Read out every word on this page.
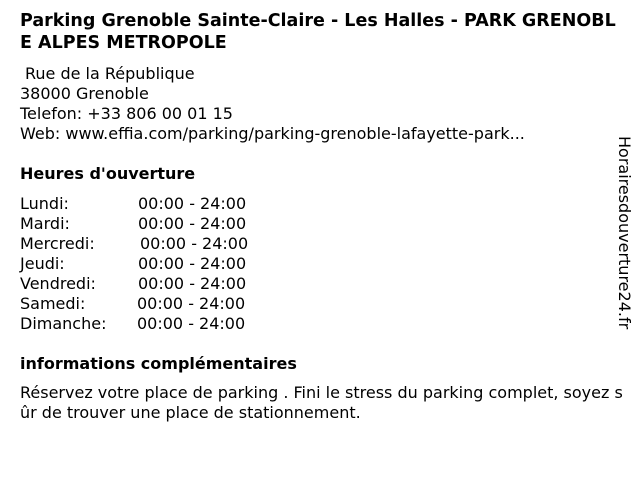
Parking Grenoble Sainte-Claire - Les Halles - PARK GRENOBLE ALPES METROPOLE
Rue de la République
38000 Grenoble
Telefon: +33 806 00 01 15
Web: www.effia.com/parking/parking-grenoble-lafayette-park...
Heures d'ouverture
Lundi:	00:00 - 24:00
Mardi:	00:00 - 24:00
Mercredi:	00:00 - 24:00
Jeudi:	00:00 - 24:00
Vendredi:	00:00 - 24:00
Samedi:	00:00 - 24:00
Dimanche:	00:00 - 24:00
informations complémentaires
Réservez votre place de parking . Fini le stress du parking complet, soyez sûr de trouver une place de stationnement.
Horairesdouverture24.fr
